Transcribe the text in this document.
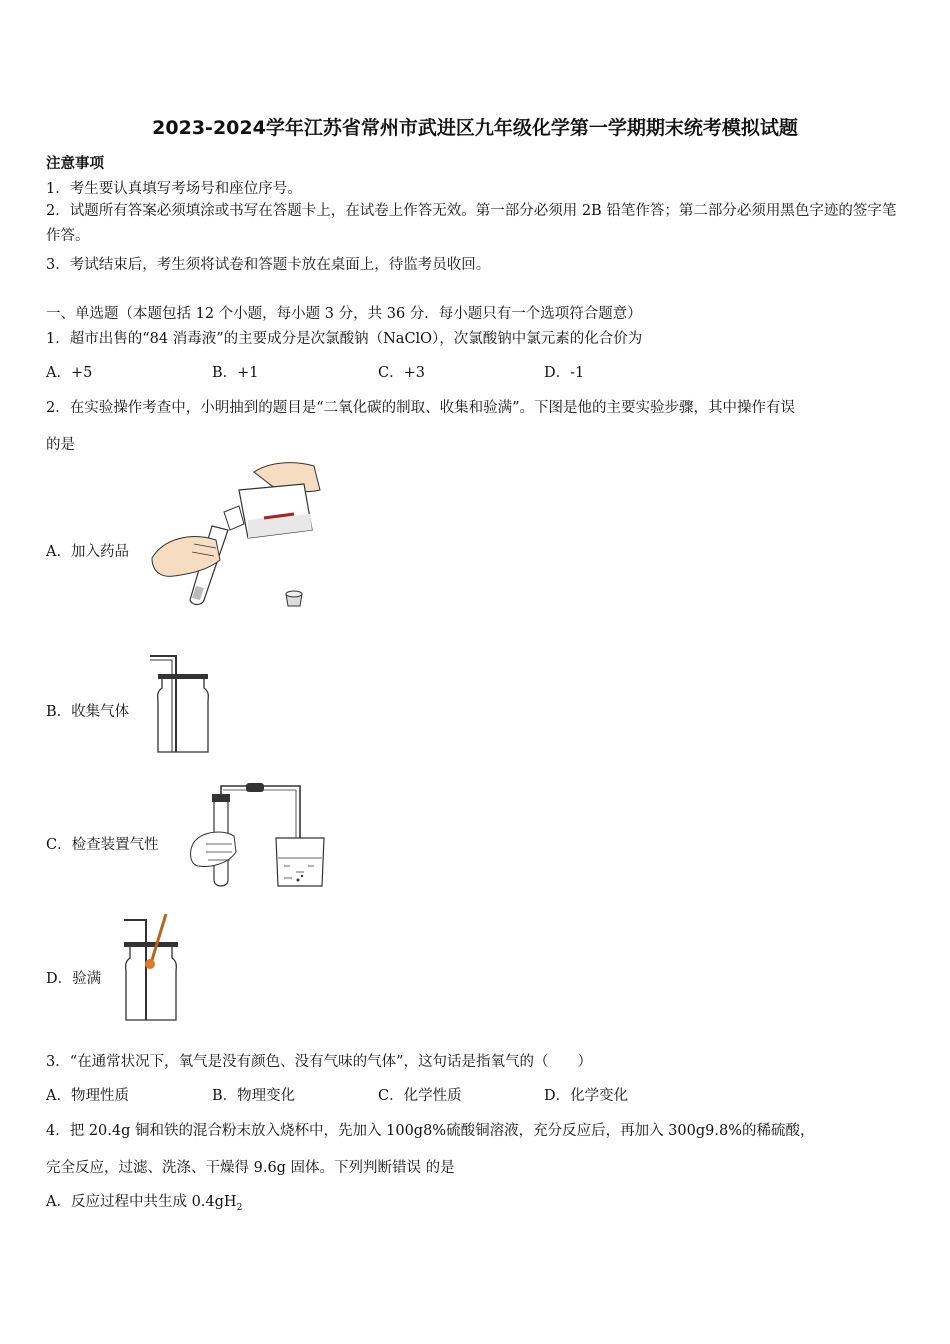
2023-2024学年江苏省常州市武进区九年级化学第一学期期末统考模拟试题
注意事项
1．考生要认真填写考场号和座位序号。
2．试题所有答案必须填涂或书写在答题卡上，在试卷上作答无效。第一部分必须用 2B 铅笔作答；第二部分必须用黑色字迹的签字笔作答。
3．考试结束后，考生须将试卷和答题卡放在桌面上，待监考员收回。
一、单选题（本题包括 12 个小题，每小题 3 分，共 36 分．每小题只有一个选项符合题意）
1．超市出售的“84 消毒液”的主要成分是次氯酸钠（NaClO），次氯酸钠中氯元素的化合价为
A．+5	B．+1	C．+3	D．-1
2．在实验操作考查中，小明抽到的题目是“二氧化碳的制取、收集和验满”。下图是他的主要实验步骤，其中操作有误
的是
A．加入药品
B．收集气体
C．检查装置气性
D．验满
3．“在通常状况下，氧气是没有颜色、没有气味的气体”，这句话是指氧气的（　　）
A．物理性质	B．物理变化	C．化学性质	D．化学变化
4．把 20.4g 铜和铁的混合粉末放入烧杯中，先加入 100g8%硫酸铜溶液，充分反应后，再加入 300g9.8%的稀硫酸，
完全反应，过滤、洗涤、干燥得 9.6g 固体。下列判断错误 的是
A．反应过程中共生成 $0.4gH_2$
